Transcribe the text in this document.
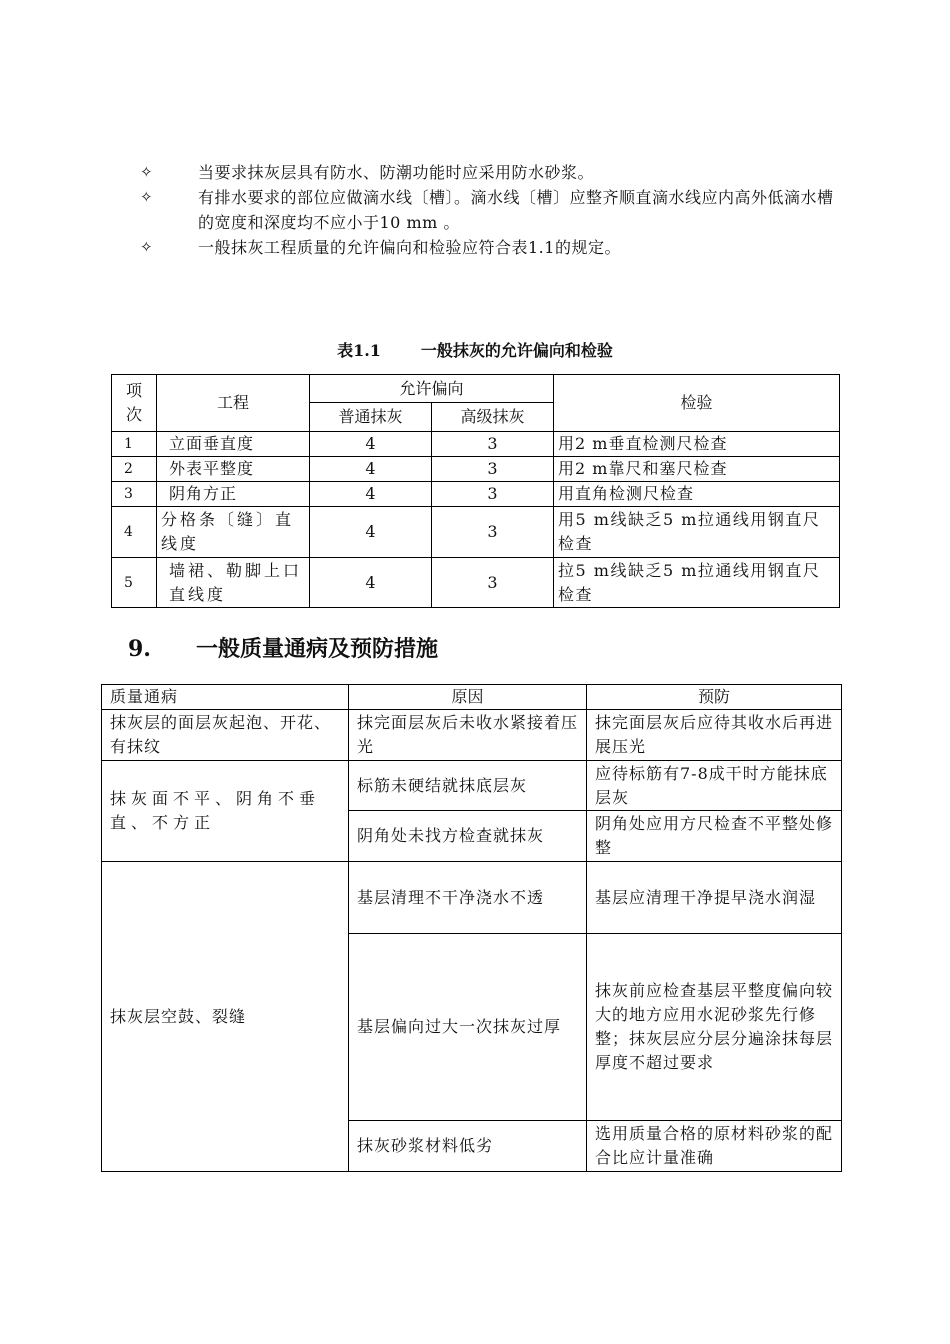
✧	当要求抹灰层具有防水、防潮功能时应采用防水砂浆。
✧	有排水要求的部位应做滴水线〔槽〕。滴水线〔槽〕应整齐顺直滴水线应内高外低滴水槽的宽度和深度均不应小于10 mm 。
✧	一般抹灰工程质量的允许偏向和检验应符合表1.1的规定。
表1.1	一般抹灰的允许偏向和检验
项次	工程	允许偏向		检验
		普通抹灰	高级抹灰	
1	立面垂直度	4	3	用2 m垂直检测尺检查
2	外表平整度	4	3	用2 m靠尺和塞尺检查
3	阴角方正	4	3	用直角检测尺检查
4	分格条〔缝〕直线度	4	3	用5 m线缺乏5 m拉通线用钢直尺检查
5	墙裙、勒脚上口直线度	4	3	拉5 m线缺乏5 m拉通线用钢直尺检查
9. 一般质量通病及预防措施
质量通病	原因	预防
抹灰层的面层灰起泡、开花、有抹纹	抹完面层灰后未收水紧接着压光	抹完面层灰后应待其收水后再进展压光
抹灰面不平、阴角不垂直、不方正	标筋未硬结就抹底层灰	应待标筋有7-8成干时方能抹底层灰
	阴角处未找方检查就抹灰	阴角处应用方尺检查不平整处修整
抹灰层空鼓、裂缝	基层清理不干净浇水不透	基层应清理干净提早浇水润湿
	基层偏向过大一次抹灰过厚	抹灰前应检查基层平整度偏向较大的地方应用水泥砂浆先行修整；抹灰层应分层分遍涂抹每层厚度不超过要求
	抹灰砂浆材料低劣	选用质量合格的原材料砂浆的配合比应计量准确
